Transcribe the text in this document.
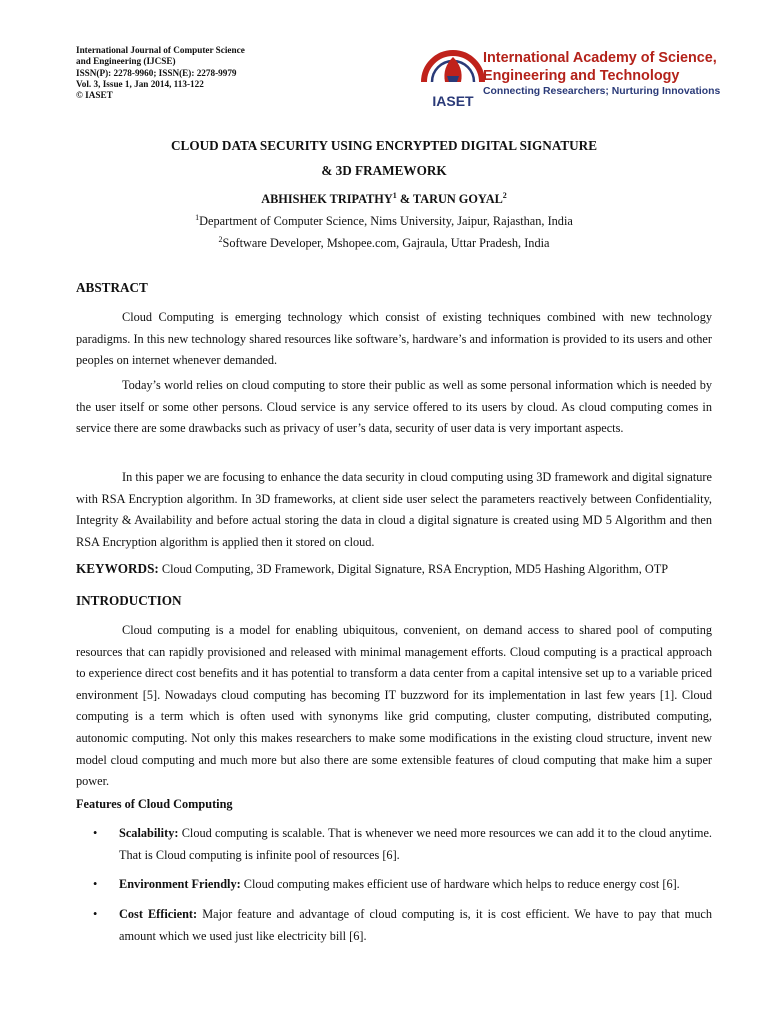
International Journal of Computer Science
and Engineering (IJCSE)
ISSN(P): 2278-9960; ISSN(E): 2278-9979
Vol. 3, Issue 1, Jan 2014, 113-122
© IASET	IASET
International Academy of Science,
Engineering and Technology
Connecting Researchers; Nurturing Innovations
CLOUD DATA SECURITY USING ENCRYPTED DIGITAL SIGNATURE
& 3D FRAMEWORK
ABHISHEK TRIPATHY$^1$ & TARUN GOYAL$^2$
$^1$Department of Computer Science, Nims University, Jaipur, Rajasthan, India
$^2$Software Developer, Mshopee.com, Gajraula, Uttar Pradesh, India
ABSTRACT

Cloud Computing is emerging technology which consist of existing techniques combined with new technology paradigms. In this new technology shared resources like software’s, hardware’s and information is provided to its users and other peoples on internet whenever demanded.

Today’s world relies on cloud computing to store their public as well as some personal information which is needed by the user itself or some other persons. Cloud service is any service offered to its users by cloud. As cloud computing comes in service there are some drawbacks such as privacy of user’s data, security of user data is very important aspects.

In this paper we are focusing to enhance the data security in cloud computing using 3D framework and digital signature with RSA Encryption algorithm. In 3D frameworks, at client side user select the parameters reactively between Confidentiality, Integrity & Availability and before actual storing the data in cloud a digital signature is created using MD 5 Algorithm and then RSA Encryption algorithm is applied then it stored on cloud.

KEYWORDS: Cloud Computing, 3D Framework, Digital Signature, RSA Encryption, MD5 Hashing Algorithm, OTP
INTRODUCTION

Cloud computing is a model for enabling ubiquitous, convenient, on demand access to shared pool of computing resources that can rapidly provisioned and released with minimal management efforts. Cloud computing is a practical approach to experience direct cost benefits and it has potential to transform a data center from a capital intensive set up to a variable priced environment [5]. Nowadays cloud computing has becoming IT buzzword for its implementation in last few years [1]. Cloud computing is a term which is often used with synonyms like grid computing, cluster computing, distributed computing, autonomic computing. Not only this makes researchers to make some modifications in the existing cloud structure, invent new model cloud computing and much more but also there are some extensible features of cloud computing that make him a super power.

Features of Cloud Computing
• Scalability: Cloud computing is scalable. That is whenever we need more resources we can add it to the cloud anytime. That is Cloud computing is infinite pool of resources [6].
• Environment Friendly: Cloud computing makes efficient use of hardware which helps to reduce energy cost [6].
• Cost Efficient: Major feature and advantage of cloud computing is, it is cost efficient. We have to pay that much amount which we used just like electricity bill [6].
